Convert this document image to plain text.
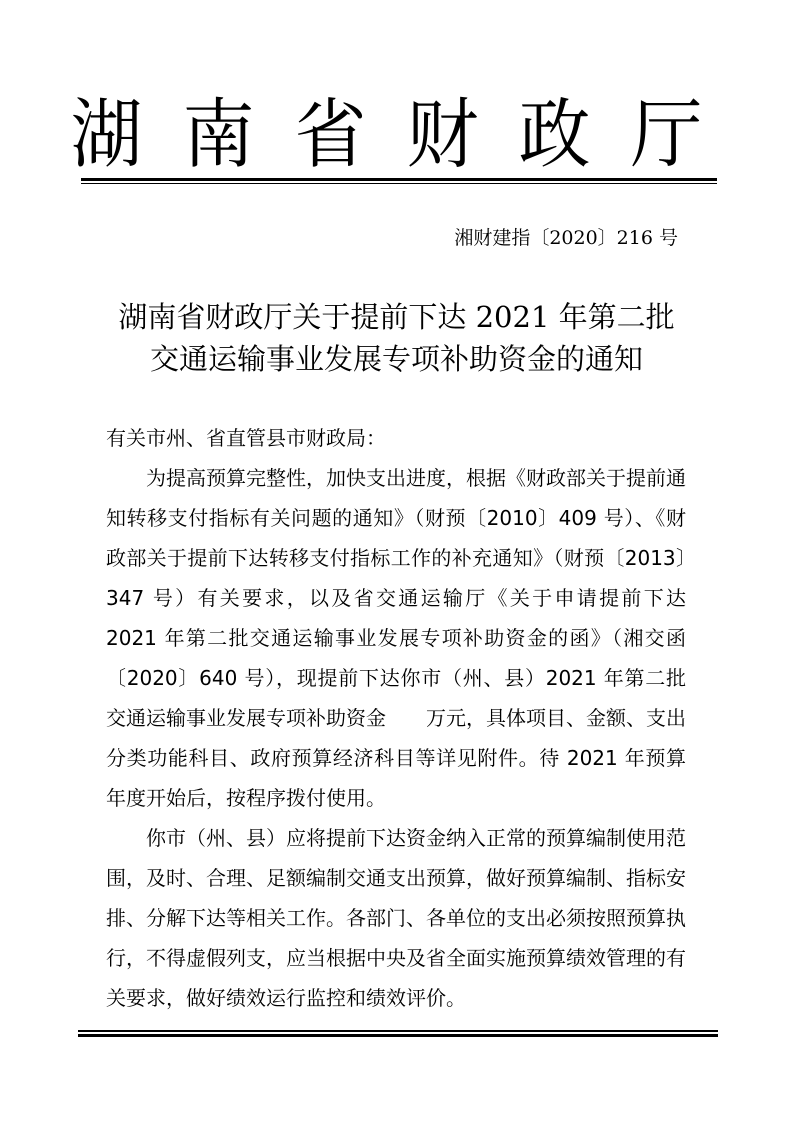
湖南省财政厅
湘财建指〔2020〕216 号
湖南省财政厅关于提前下达 2021 年第二批
交通运输事业发展专项补助资金的通知

有关市州、省直管县市财政局：

为提高预算完整性，加快支出进度，根据《财政部关于提前通知转移支付指标有关问题的通知》（财预〔2010〕409 号）、《财政部关于提前下达转移支付指标工作的补充通知》（财预〔2013〕347 号）有关要求，以及省交通运输厅《关于申请提前下达 2021 年第二批交通运输事业发展专项补助资金的函》（湘交函〔2020〕640 号），现提前下达你市（州、县）2021 年第二批交通运输事业发展专项补助资金　　万元，具体项目、金额、支出分类功能科目、政府预算经济科目等详见附件。待 2021 年预算年度开始后，按程序拨付使用。

你市（州、县）应将提前下达资金纳入正常的预算编制使用范围，及时、合理、足额编制交通支出预算，做好预算编制、指标安排、分解下达等相关工作。各部门、各单位的支出必须按照预算执行，不得虚假列支，应当根据中央及省全面实施预算绩效管理的有关要求，做好绩效运行监控和绩效评价。
